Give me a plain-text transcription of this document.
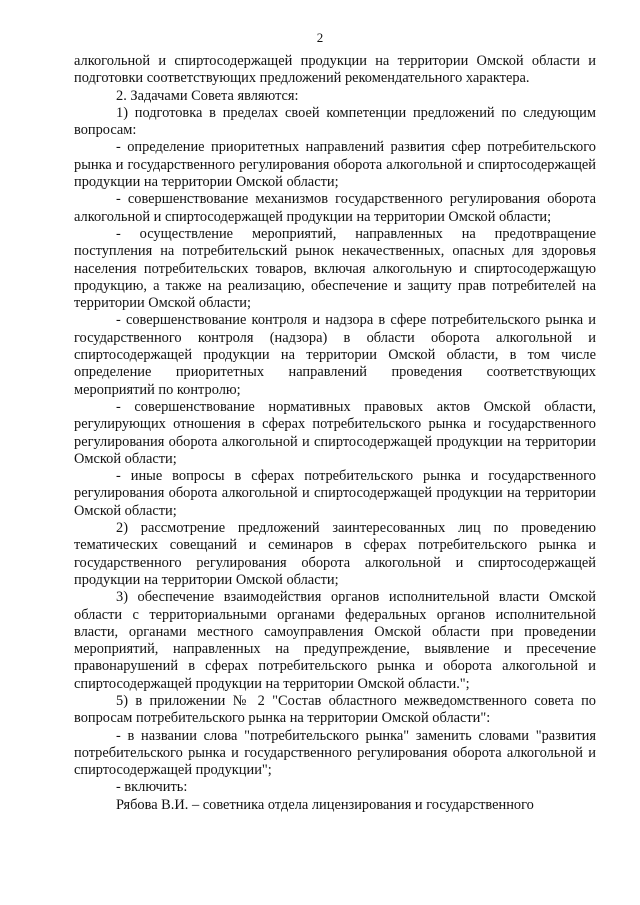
2

алкогольной и спиртосодержащей продукции на территории Омской области и подготовки соответствующих предложений рекомендательного характера.

2. Задачами Совета являются:

1) подготовка в пределах своей компетенции предложений по следующим вопросам:

- определение приоритетных направлений развития сфер потребительского рынка и государственного регулирования оборота алкогольной и спиртосодержащей продукции на территории Омской области;

- совершенствование механизмов государственного регулирования оборота алкогольной и спиртосодержащей продукции на территории Омской области;

- осуществление мероприятий, направленных на предотвращение поступления на потребительский рынок некачественных, опасных для здоровья населения потребительских товаров, включая алкогольную и спиртосодержащую продукцию, а также на реализацию, обеспечение и защиту прав потребителей на территории Омской области;

- совершенствование контроля и надзора в сфере потребительского рынка и государственного контроля (надзора) в области оборота алкогольной и спиртосодержащей продукции на территории Омской области, в том числе определение приоритетных направлений проведения соответствующих мероприятий по контролю;

- совершенствование нормативных правовых актов Омской области, регулирующих отношения в сферах потребительского рынка и государственного регулирования оборота алкогольной и спиртосодержащей продукции на территории Омской области;

- иные вопросы в сферах потребительского рынка и государственного регулирования оборота алкогольной и спиртосодержащей продукции на территории Омской области;

2) рассмотрение предложений заинтересованных лиц по проведению тематических совещаний и семинаров в сферах потребительского рынка и государственного регулирования оборота алкогольной и спиртосодержащей продукции на территории Омской области;

3) обеспечение взаимодействия органов исполнительной власти Омской области с территориальными органами федеральных органов исполнительной власти, органами местного самоуправления Омской области при проведении мероприятий, направленных на предупреждение, выявление и пресечение правонарушений в сферах потребительского рынка и оборота алкогольной и спиртосодержащей продукции на территории Омской области.";

5) в приложении № 2 "Состав областного межведомственного совета по вопросам потребительского рынка на территории Омской области":

- в названии слова "потребительского рынка" заменить словами "развития потребительского рынка и государственного регулирования оборота алкогольной и спиртосодержащей продукции";

- включить:

Рябова В.И. – советника отдела лицензирования и государственного
